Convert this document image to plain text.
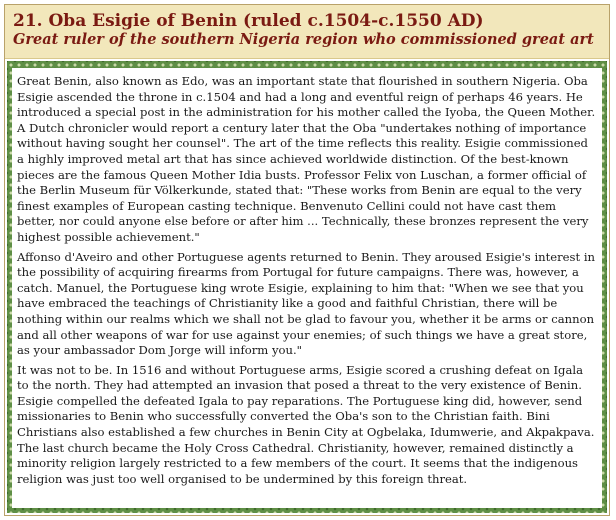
21. Oba Esigie of Benin (ruled c.1504-c.1550 AD)
Great ruler of the southern Nigeria region who commissioned great art

Great Benin, also known as Edo, was an important state that flourished in southern Nigeria. Oba Esigie ascended the throne in c.1504 and had a long and eventful reign of perhaps 46 years. He introduced a special post in the administration for his mother called the Iyoba, the Queen Mother. A Dutch chronicler would report a century later that the Oba "undertakes nothing of importance without having sought her counsel". The art of the time reflects this reality. Esigie commissioned a highly improved metal art that has since achieved worldwide distinction. Of the best-known pieces are the famous Queen Mother Idia busts. Professor Felix von Luschan, a former official of the Berlin Museum für Völkerkunde, stated that: "These works from Benin are equal to the very finest examples of European casting technique. Benvenuto Cellini could not have cast them better, nor could anyone else before or after him ... Technically, these bronzes represent the very highest possible achievement."

Affonso d'Aveiro and other Portuguese agents returned to Benin. They aroused Esigie's interest in the possibility of acquiring firearms from Portugal for future campaigns. There was, however, a catch. Manuel, the Portuguese king wrote Esigie, explaining to him that: "When we see that you have embraced the teachings of Christianity like a good and faithful Christian, there will be nothing within our realms which we shall not be glad to favour you, whether it be arms or cannon and all other weapons of war for use against your enemies; of such things we have a great store, as your ambassador Dom Jorge will inform you."

It was not to be. In 1516 and without Portuguese arms, Esigie scored a crushing defeat on Igala to the north. They had attempted an invasion that posed a threat to the very existence of Benin. Esigie compelled the defeated Igala to pay reparations. The Portuguese king did, however, send missionaries to Benin who successfully converted the Oba's son to the Christian faith. Bini Christians also established a few churches in Benin City at Ogbelaka, Idumwerie, and Akpakpava. The last church became the Holy Cross Cathedral. Christianity, however, remained distinctly a minority religion largely restricted to a few members of the court. It seems that the indigenous religion was just too well organised to be undermined by this foreign threat.
